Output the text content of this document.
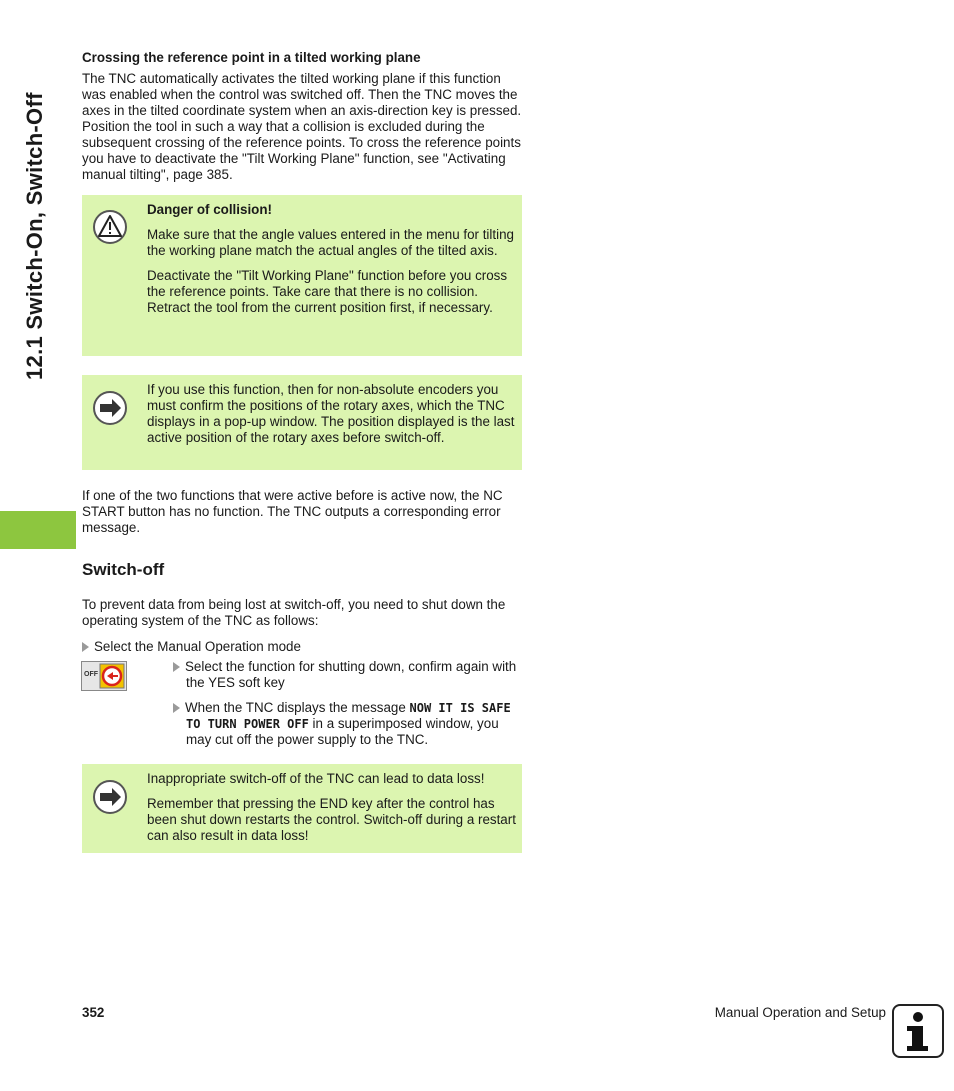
12.1 Switch-On, Switch-Off
Crossing the reference point in a tilted working plane

The TNC automatically activates the tilted working plane if this function was enabled when the control was switched off. Then the TNC moves the axes in the tilted coordinate system when an axis-direction key is pressed. Position the tool in such a way that a collision is excluded during the subsequent crossing of the reference points. To cross the reference points you have to deactivate the "Tilt Working Plane" function, see "Activating manual tilting", page 385.

Danger of collision!

Make sure that the angle values entered in the menu for tilting the working plane match the actual angles of the tilted axis.

Deactivate the "Tilt Working Plane" function before you cross the reference points. Take care that there is no collision. Retract the tool from the current position first, if necessary.

If you use this function, then for non-absolute encoders you must confirm the positions of the rotary axes, which the TNC displays in a pop-up window. The position displayed is the last active position of the rotary axes before switch-off.

If one of the two functions that were active before is active now, the NC START button has no function. The TNC outputs a corresponding error message.

Switch-off

To prevent data from being lost at switch-off, you need to shut down the operating system of the TNC as follows:

Select the Manual Operation mode

OFF

Select the function for shutting down, confirm again with the YES soft key

When the TNC displays the message NOW IT IS SAFE TO TURN POWER OFF in a superimposed window, you may cut off the power supply to the TNC.

Inappropriate switch-off of the TNC can lead to data loss!

Remember that pressing the END key after the control has been shut down restarts the control. Switch-off during a restart can also result in data loss!

352	Manual Operation and Setup
